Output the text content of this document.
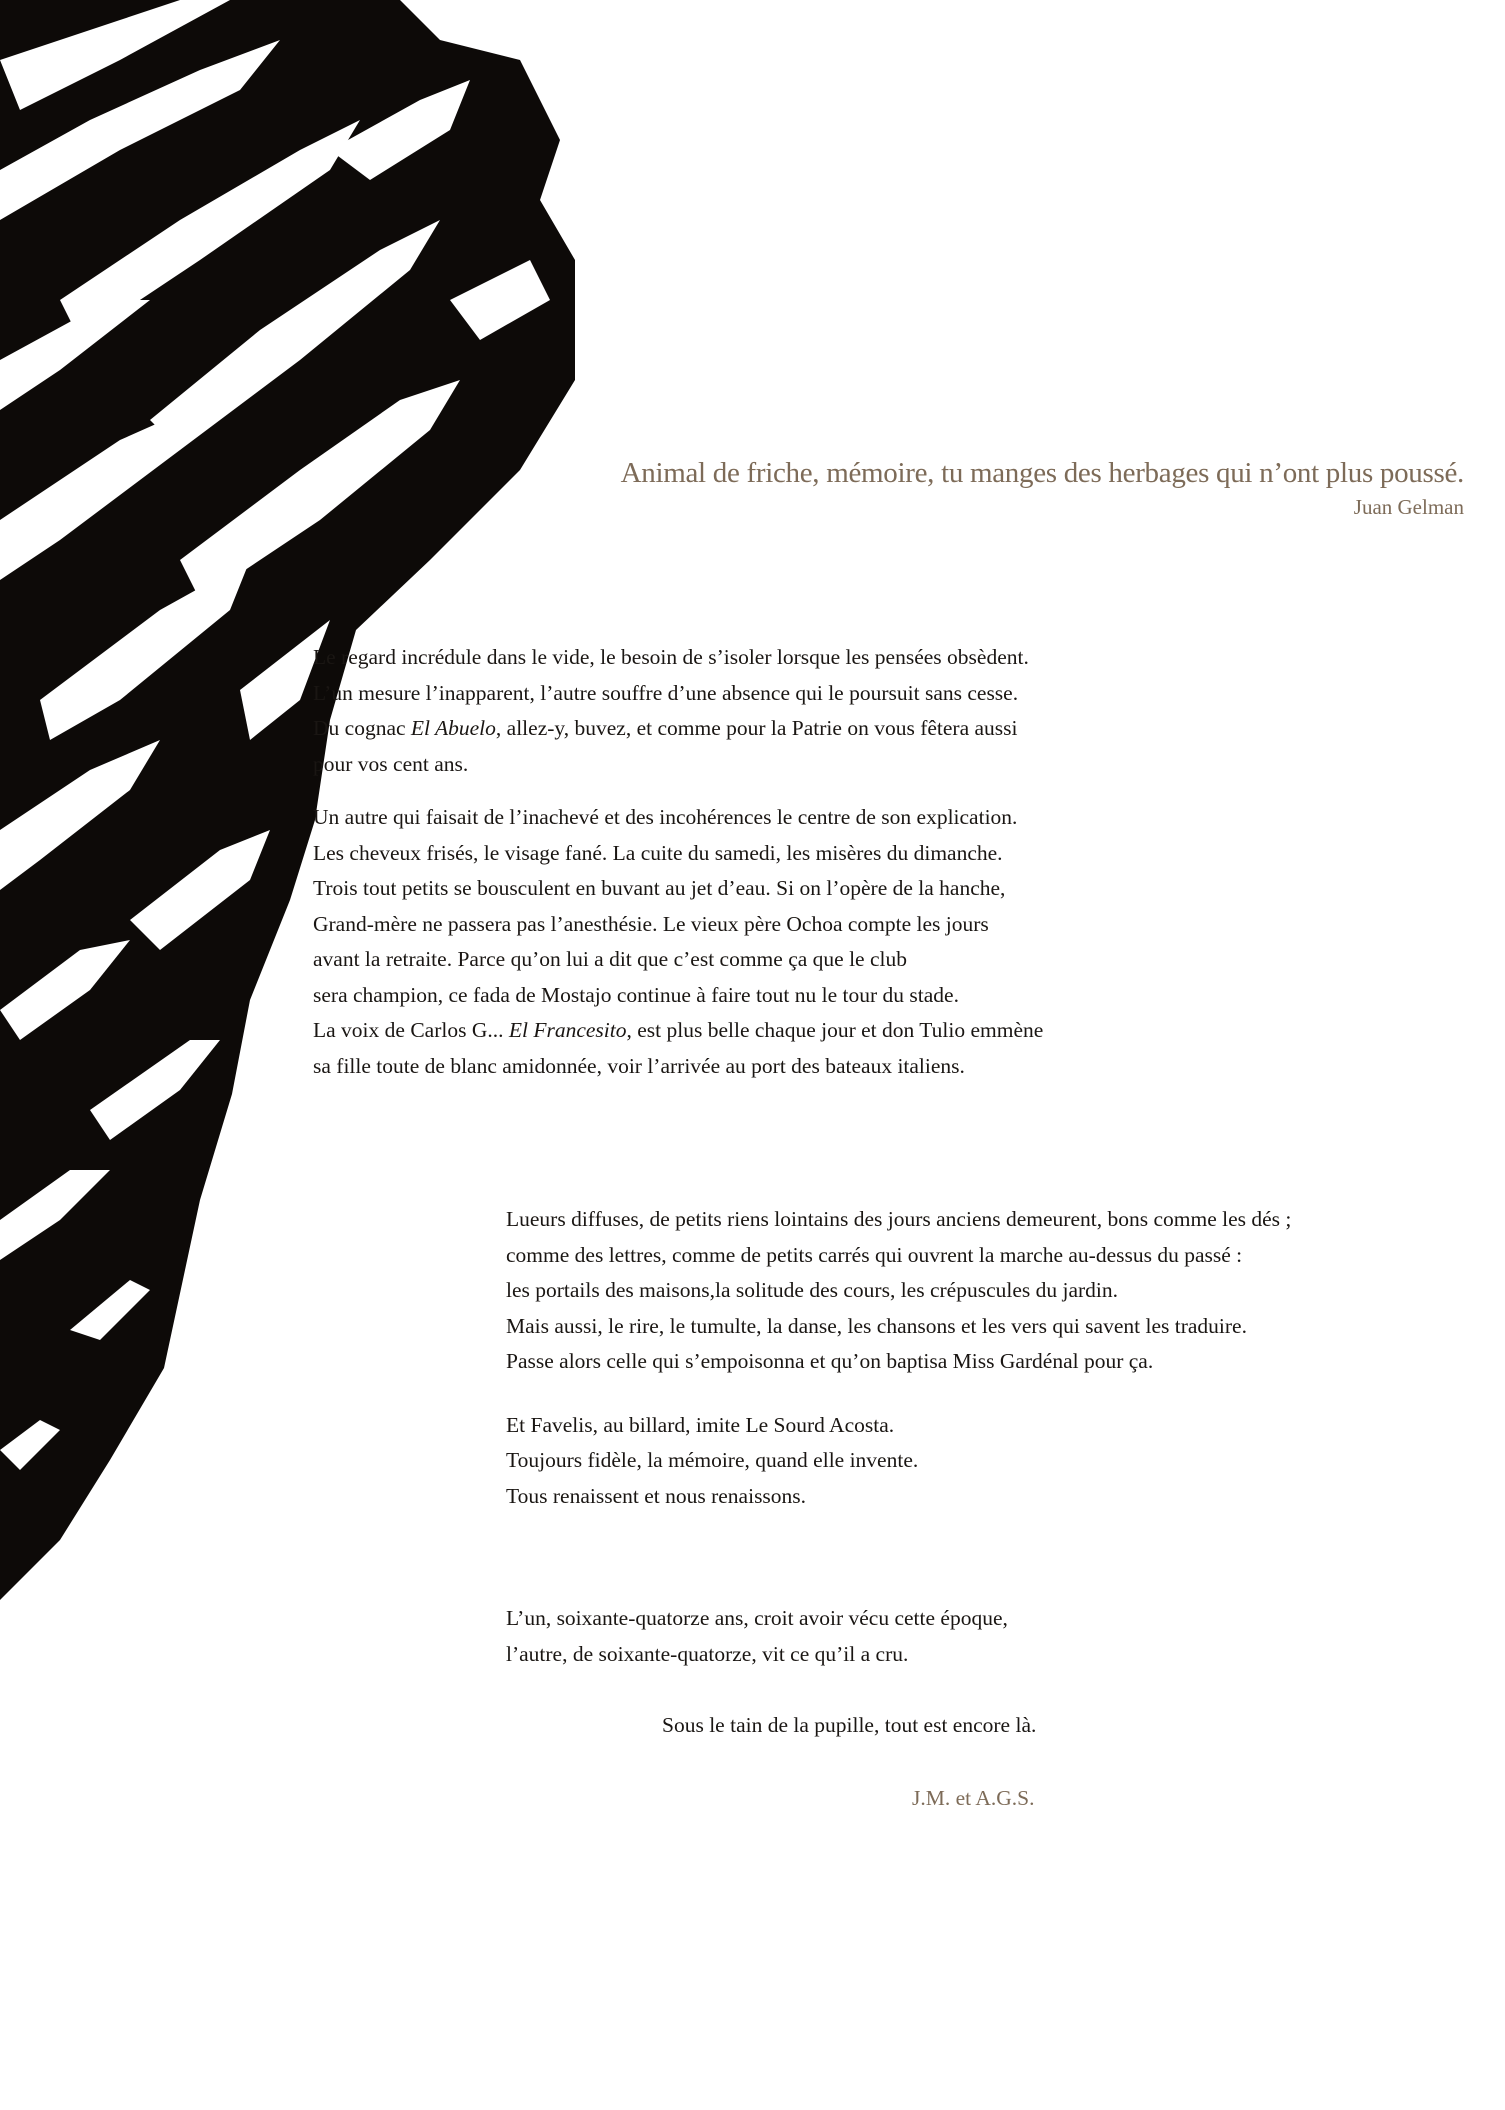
Animal de friche, mémoire, tu manges des herbages qui n’ont plus poussé.
Juan Gelman

Le regard incrédule dans le vide, le besoin de s’isoler lorsque les pensées obsèdent.

L’un mesure l’inapparent, l’autre souffre d’une absence qui le poursuit sans cesse.

Du cognac El Abuelo, allez-y, buvez, et comme pour la Patrie on vous fêtera aussi

pour vos cent ans.

Un autre qui faisait de l’inachevé et des incohérences le centre de son explication.

Les cheveux frisés, le visage fané. La cuite du samedi, les misères du dimanche.

Trois tout petits se bousculent en buvant au jet d’eau. Si on l’opère de la hanche,

Grand-mère ne passera pas l’anesthésie. Le vieux père Ochoa compte les jours

avant la retraite. Parce qu’on lui a dit que c’est comme ça que le club

sera champion, ce fada de Mostajo continue à faire tout nu le tour du stade.

La voix de Carlos G... El Francesito, est plus belle chaque jour et don Tulio emmène

sa fille toute de blanc amidonnée, voir l’arrivée au port des bateaux italiens.

Lueurs diffuses, de petits riens lointains des jours anciens demeurent, bons comme les dés ;

comme des lettres, comme de petits carrés qui ouvrent la marche au-dessus du passé :

les portails des maisons,la solitude des cours, les crépuscules du jardin.

Mais aussi, le rire, le tumulte, la danse, les chansons et les vers qui savent les traduire.

Passe alors celle qui s’empoisonna et qu’on baptisa Miss Gardénal pour ça.

Et Favelis, au billard, imite Le Sourd Acosta.

Toujours fidèle, la mémoire, quand elle invente.

Tous renaissent et nous renaissons.

L’un, soixante-quatorze ans, croit avoir vécu cette époque,

l’autre, de soixante-quatorze, vit ce qu’il a cru.

Sous le tain de la pupille, tout est encore là.

J.M. et A.G.S.
